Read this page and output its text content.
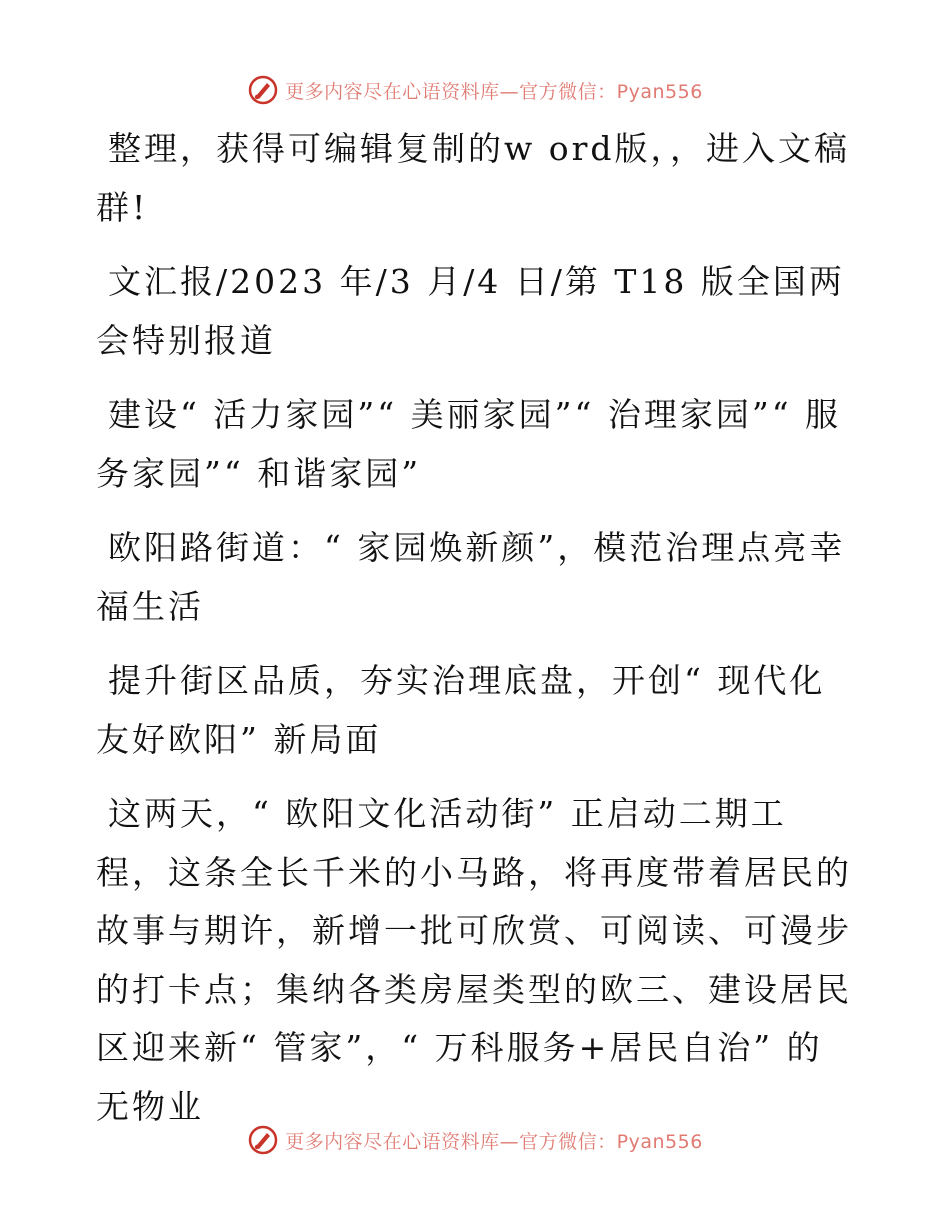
更多内容尽在心语资料库—官方微信：Pyan556

整理，获得可编辑复制的w ord版，，进入文稿群!

文汇报/2023 年/3 月/4 日/第 T18 版全国两会特别报道

建设“ 活力家园”“ 美丽家园”“ 治理家园”“ 服务家园”“ 和谐家园”

欧阳路街道：“ 家园焕新颜”，模范治理点亮幸福生活

提升街区品质，夯实治理底盘，开创“ 现代化友好欧阳” 新局面

这两天，“ 欧阳文化活动街” 正启动二期工程，这条全长千米的小马路，将再度带着居民的故事与期许，新增一批可欣赏、可阅读、可漫步的打卡点；集纳各类房屋类型的欧三、建设居民区迎来新“ 管家”，“ 万科服务+居民自治” 的无物业

更多内容尽在心语资料库—官方微信：Pyan556
